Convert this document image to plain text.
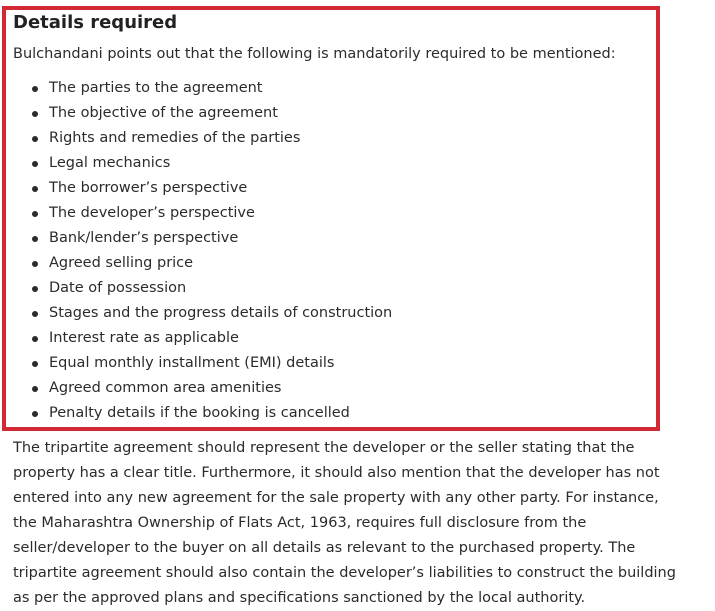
Details required

Bulchandani points out that the following is mandatorily required to be mentioned:

The parties to the agreement
The objective of the agreement
Rights and remedies of the parties
Legal mechanics
The borrower’s perspective
The developer’s perspective
Bank/lender’s perspective
Agreed selling price
Date of possession
Stages and the progress details of construction
Interest rate as applicable
Equal monthly installment (EMI) details
Agreed common area amenities
Penalty details if the booking is cancelled

The tripartite agreement should represent the developer or the seller stating that the
property has a clear title. Furthermore, it should also mention that the developer has not
entered into any new agreement for the sale property with any other party. For instance,
the Maharashtra Ownership of Flats Act, 1963, requires full disclosure from the
seller/developer to the buyer on all details as relevant to the purchased property. The
tripartite agreement should also contain the developer’s liabilities to construct the building
as per the approved plans and specifications sanctioned by the local authority.
